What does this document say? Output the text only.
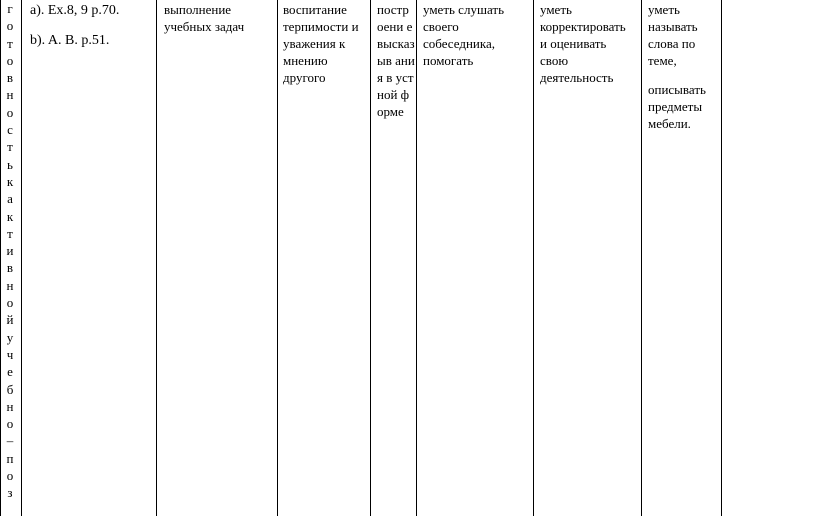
г
о
т
о
в
н
о
с
т
ь
к
а
к
т
и
в
н
о
й
у
ч
е
б
н
о
–
п
о
з

а). Ex.8, 9 p.70.

b). A. B. p.51.

выполнение учебных задач

воспитание терпимости и уважения к мнению другого

построени е высказыв ания в устной форме

уметь слушать своего собеседника, помогать

уметь корректировать и оценивать свою деятельность

уметь называть слова по теме,

описывать предметы мебели.
